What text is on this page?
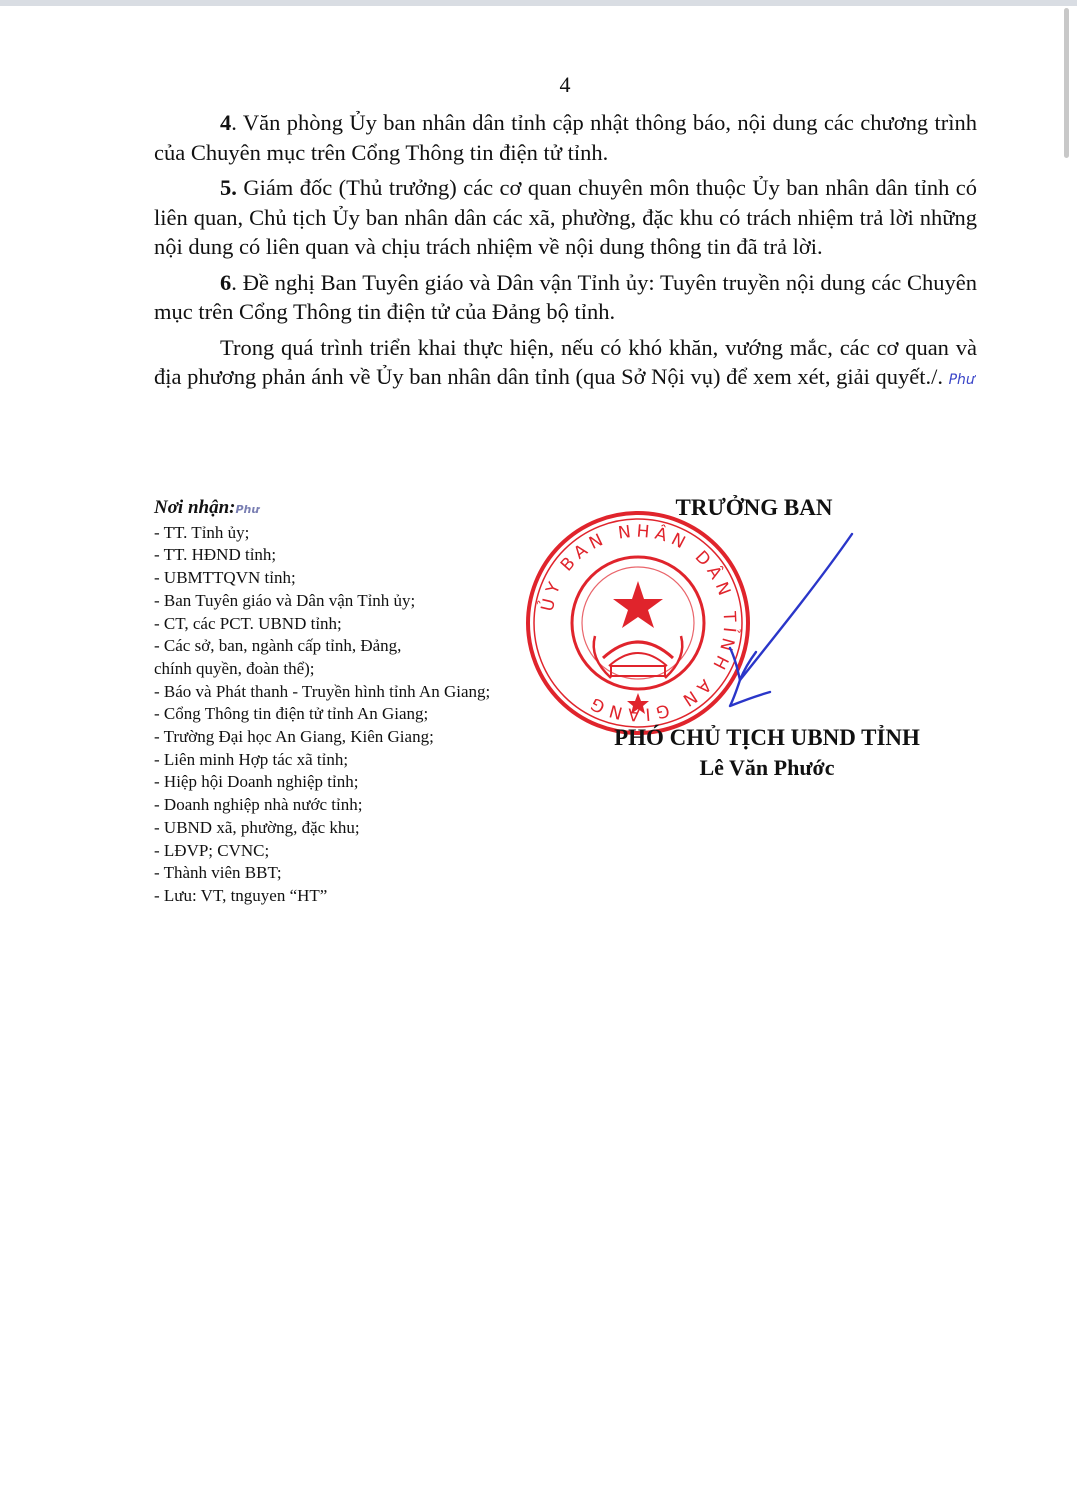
4

4. Văn phòng Ủy ban nhân dân tỉnh cập nhật thông báo, nội dung các chương trình của Chuyên mục trên Cổng Thông tin điện tử tỉnh.

5. Giám đốc (Thủ trưởng) các cơ quan chuyên môn thuộc Ủy ban nhân dân tỉnh có liên quan, Chủ tịch Ủy ban nhân dân các xã, phường, đặc khu có trách nhiệm trả lời những nội dung có liên quan và chịu trách nhiệm về nội dung thông tin đã trả lời.

6. Đề nghị Ban Tuyên giáo và Dân vận Tỉnh ủy: Tuyên truyền nội dung các Chuyên mục trên Cổng Thông tin điện tử của Đảng bộ tỉnh.

Trong quá trình triển khai thực hiện, nếu có khó khăn, vướng mắc, các cơ quan và địa phương phản ánh về Ủy ban nhân dân tỉnh (qua Sở Nội vụ) để xem xét, giải quyết./. Phư

Nơi nhận:Phư
- TT. Tỉnh ủy;
- TT. HĐND tỉnh;
- UBMTTQVN tỉnh;
- Ban Tuyên giáo và Dân vận Tỉnh ủy;
- CT, các PCT. UBND tỉnh;
- Các sở, ban, ngành cấp tỉnh, Đảng,
chính quyền, đoàn thể);
- Báo và Phát thanh - Truyền hình tỉnh An Giang;
- Cổng Thông tin điện tử tỉnh An Giang;
- Trường Đại học An Giang, Kiên Giang;
- Liên minh Hợp tác xã tỉnh;
- Hiệp hội Doanh nghiệp tỉnh;
- Doanh nghiệp nhà nước tỉnh;
- UBND xã, phường, đặc khu;
- LĐVP; CVNC;
- Thành viên BBT;
- Lưu: VT, tnguyen “HT”
TRƯỞNG BAN
ỦY BAN NHÂN DÂN TỈNH AN GIANG
PHÓ CHỦ TỊCH UBND TỈNH
Lê Văn Phước
